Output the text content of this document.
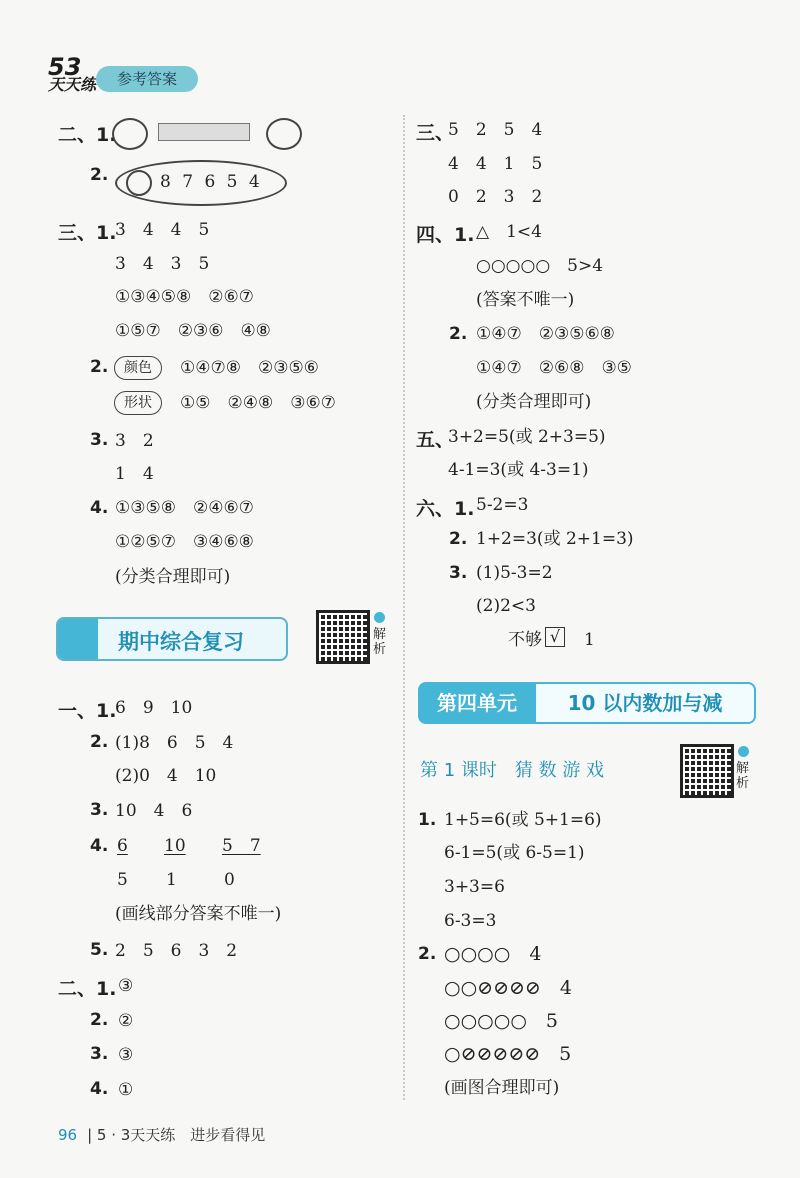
53
天天练	参考答案
二、1.
2.	8 7 6 5 4
三、1.
3　4　4　5
3　4　3　5
①③④⑤⑧　②⑥⑦
①⑤⑦　②③⑥　④⑧
2.	颜色	①④⑦⑧　②③⑤⑥
形状	①⑤　②④⑧　③⑥⑦
3. 3　2
1　4
4. ①③⑤⑧　②④⑥⑦
①②⑤⑦　③④⑥⑧
(分类合理即可)
期中综合复习	解析
一、1.
6　9　10
2. (1)8　6　5　4
(2)0　4　10
3. 10　4　6
4. 6 10 5　7
5 1	0
(画线部分答案不唯一)
5. 2　5　6　3　2
二、1. ③
2. ②
3. ③
4. ①
三、
5　2　5　4
4　4　1　5
0　2　3　2
四、1. △　1<4
○○○○○　5>4
(答案不唯一)
2. ①④⑦　②③⑤⑥⑧
①④⑦　②⑥⑧　③⑤
(分类合理即可)
五、
3+2=5(或 2+3=5)
4-1=3(或 4-3=1)
六、1. 5-2=3
2. 1+2=3(或 2+1=3)
3. (1)5-3=2
(2)2<3
不够 √ 1
第四单元	10 以内数加与减
第 1 课时　猜 数 游 戏	解析
1. 1+5=6(或 5+1=6)
6-1=5(或 6-5=1)
3+3=6
6-3=3
2. ○○○○　4
○○⊘⊘⊘⊘　4
○○○○○　5
○⊘⊘⊘⊘⊘　5
(画图合理即可)
96 | 5 · 3天天练　进步看得见
